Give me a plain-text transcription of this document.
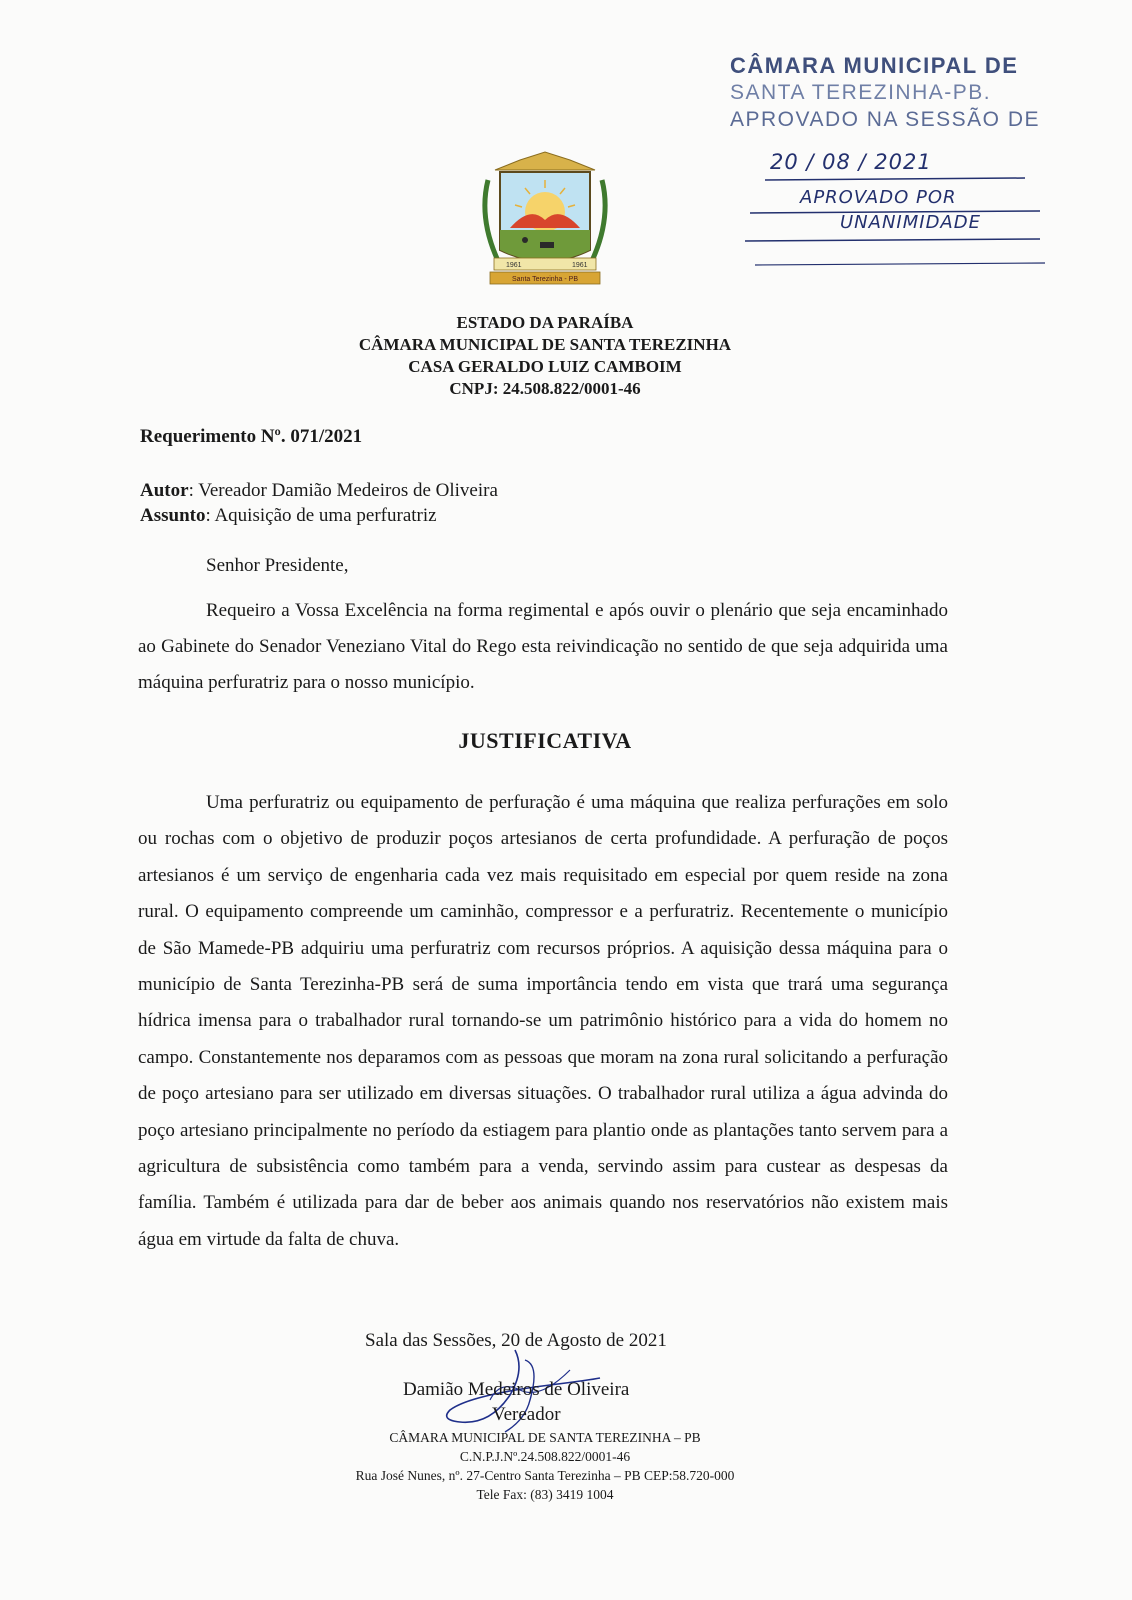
CÂMARA MUNICIPAL DE
SANTA TEREZINHA-PB.
APROVADO NA SESSÃO DE
20 / 08 / 2021
APROVADO POR
UNANIMIDADE
1961	1961
Santa Terezinha - PB
ESTADO DA PARAÍBA
CÂMARA MUNICIPAL DE SANTA TEREZINHA
CASA GERALDO LUIZ CAMBOIM
CNPJ: 24.508.822/0001-46
Requerimento Nº. 071/2021
Autor: Vereador Damião Medeiros de Oliveira
Assunto: Aquisição de uma perfuratriz
Senhor Presidente,
Requeiro a Vossa Excelência na forma regimental e após ouvir o plenário que seja encaminhado ao Gabinete do Senador Veneziano Vital do Rego esta reivindicação no sentido de que seja adquirida uma máquina perfuratriz para o nosso município.
JUSTIFICATIVA
Uma perfuratriz ou equipamento de perfuração é uma máquina que realiza perfurações em solo ou rochas com o objetivo de produzir poços artesianos de certa profundidade. A perfuração de poços artesianos é um serviço de engenharia cada vez mais requisitado em especial por quem reside na zona rural. O equipamento compreende um caminhão, compressor e a perfuratriz. Recentemente o município de São Mamede-PB adquiriu uma perfuratriz com recursos próprios. A aquisição dessa máquina para o município de Santa Terezinha-PB será de suma importância tendo em vista que trará uma segurança hídrica imensa para o trabalhador rural tornando-se um patrimônio histórico para a vida do homem no campo. Constantemente nos deparamos com as pessoas que moram na zona rural solicitando a perfuração de poço artesiano para ser utilizado em diversas situações. O trabalhador rural utiliza a água advinda do poço artesiano principalmente no período da estiagem para plantio onde as plantações tanto servem para a agricultura de subsistência como também para a venda, servindo assim para custear as despesas da família. Também é utilizada para dar de beber aos animais quando nos reservatórios não existem mais água em virtude da falta de chuva.
Sala das Sessões, 20 de Agosto de 2021
Damião Medeiros de Oliveira
Vereador
CÂMARA MUNICIPAL DE SANTA TEREZINHA – PB
C.N.P.J.Nº.24.508.822/0001-46
Rua José Nunes, nº. 27-Centro Santa Terezinha – PB CEP:58.720-000
Tele Fax: (83) 3419 1004
